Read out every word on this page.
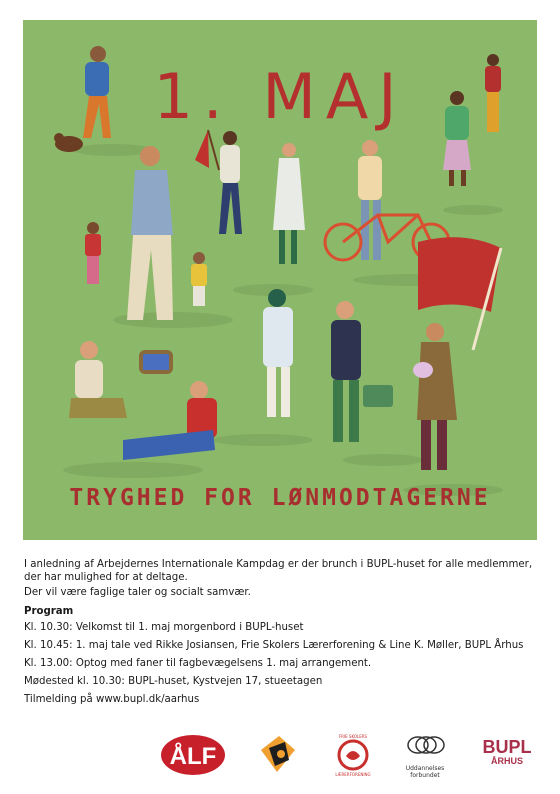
1. MAJ
TRYGHED FOR LØNMODTAGERNE

I anledning af Arbejdernes Internationale Kampdag er der brunch i BUPL-huset for alle medlemmer, der har mulighed for at deltage.

Der vil være faglige taler og socialt samvær.

Program

Kl. 10.30: Velkomst til 1. maj morgenbord i BUPL-huset

Kl. 10.45: 1. maj tale ved Rikke Josiansen, Frie Skolers Lærerforening & Line K. Møller, BUPL Århus

Kl. 13.00: Optog med faner til fagbevægelsens 1. maj arrangement.

Mødested kl. 10.30: BUPL-huset, Kystvejen 17, stueetagen

Tilmelding på www.bupl.dk/aarhus

ÅLF
FRIE SKOLERS
LÆRERFORENING
Uddannelses forbundet
BUPL
ÅRHUS
